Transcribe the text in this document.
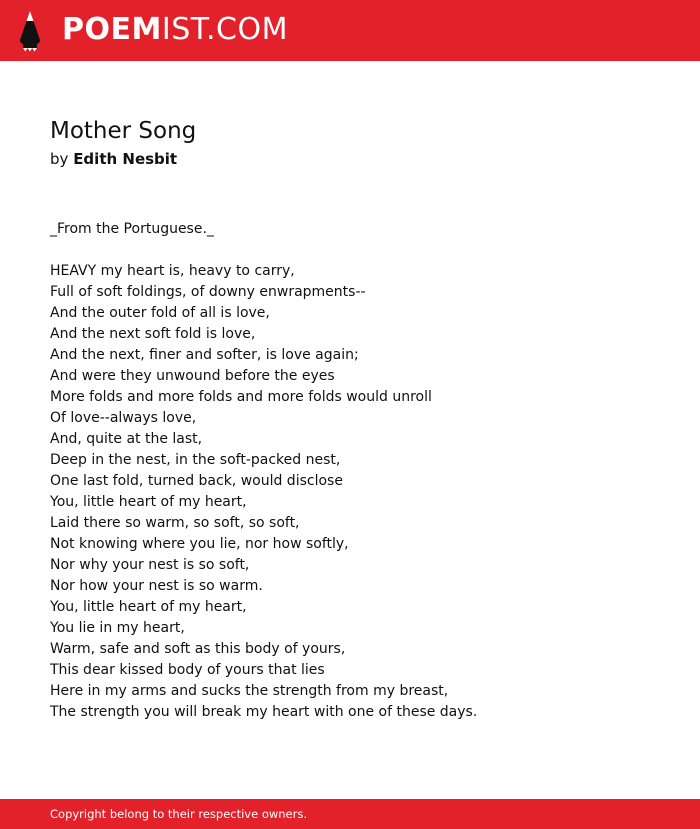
POEMIST.COM
Mother Song
by Edith Nesbit
_From the Portuguese._
HEAVY my heart is, heavy to carry,
Full of soft foldings, of downy enwrapments--
And the outer fold of all is love,
And the next soft fold is love,
And the next, finer and softer, is love again;
And were they unwound before the eyes
More folds and more folds and more folds would unroll
Of love--always love,
And, quite at the last,
Deep in the nest, in the soft-packed nest,
One last fold, turned back, would disclose
You, little heart of my heart,
Laid there so warm, so soft, so soft,
Not knowing where you lie, nor how softly,
Nor why your nest is so soft,
Nor how your nest is so warm.
You, little heart of my heart,
You lie in my heart,
Warm, safe and soft as this body of yours,
This dear kissed body of yours that lies
Here in my arms and sucks the strength from my breast,
The strength you will break my heart with one of these days.
Copyright belong to their respective owners.
